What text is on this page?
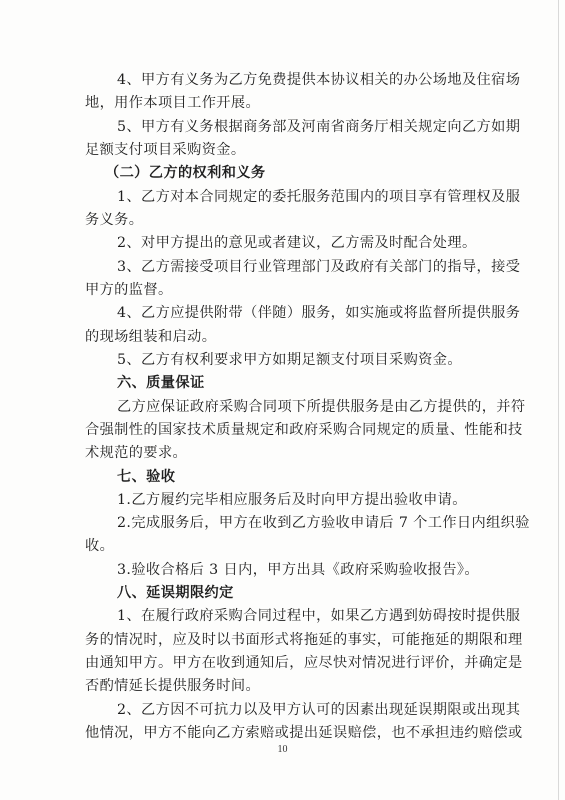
4、甲方有义务为乙方免费提供本协议相关的办公场地及住宿场
地，用作本项目工作开展。
5、甲方有义务根据商务部及河南省商务厅相关规定向乙方如期
足额支付项目采购资金。
（二）乙方的权利和义务
1、乙方对本合同规定的委托服务范围内的项目享有管理权及服
务义务。
2、对甲方提出的意见或者建议，乙方需及时配合处理。
3、乙方需接受项目行业管理部门及政府有关部门的指导，接受
甲方的监督。
4、乙方应提供附带（伴随）服务，如实施或将监督所提供服务
的现场组装和启动。
5、乙方有权利要求甲方如期足额支付项目采购资金。
六、质量保证
乙方应保证政府采购合同项下所提供服务是由乙方提供的，并符
合强制性的国家技术质量规定和政府采购合同规定的质量、性能和技
术规范的要求。
七、验收
1.乙方履约完毕相应服务后及时向甲方提出验收申请。
2.完成服务后，甲方在收到乙方验收申请后 7 个工作日内组织验
收。
3.验收合格后 3 日内，甲方出具《政府采购验收报告》。
八、延误期限约定
1、在履行政府采购合同过程中，如果乙方遇到妨碍按时提供服
务的情况时，应及时以书面形式将拖延的事实，可能拖延的期限和理
由通知甲方。甲方在收到通知后，应尽快对情况进行评价，并确定是
否酌情延长提供服务时间。
2、乙方因不可抗力以及甲方认可的因素出现延误期限或出现其
他情况，甲方不能向乙方索赔或提出延误赔偿，也不承担违约赔偿或
10
